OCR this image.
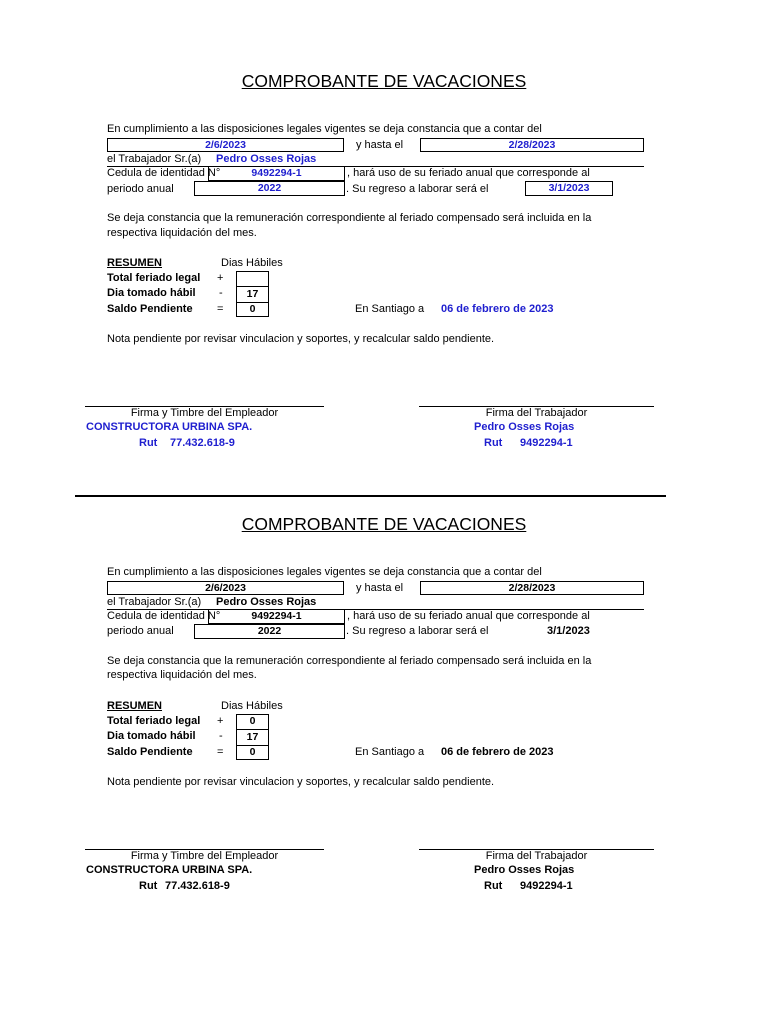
COMPROBANTE DE VACACIONES
En cumplimiento a las disposiciones legales vigentes se deja constancia que a contar del
2/6/2023	y hasta el	2/28/2023
el Trabajador Sr.(a) Pedro Osses Rojas
Cedula de identidad N°	9492294-1	, hará uso de su feriado anual que corresponde al
periodo anual	2022	. Su regreso a laborar será el	3/1/2023
Se deja constancia que la remuneración correspondiente al feriado compensado será incluida en la
respectiva liquidación del mes.
RESUMEN	Dias Hábiles
Total feriado legal +
Dia tomado hábil -	17
Saldo Pendiente =	0	En Santiago a 06 de febrero de 2023
Nota pendiente por revisar vinculacion y soportes, y recalcular saldo pendiente.
Firma y Timbre del Empleador
CONSTRUCTORA URBINA SPA.
Rut 77.432.618-9
Firma del Trabajador
Pedro Osses Rojas
Rut 9492294-1
COMPROBANTE DE VACACIONES
En cumplimiento a las disposiciones legales vigentes se deja constancia que a contar del
2/6/2023	y hasta el	2/28/2023
el Trabajador Sr.(a) Pedro Osses Rojas
Cedula de identidad N°	9492294-1	, hará uso de su feriado anual que corresponde al
periodo anual	2022	. Su regreso a laborar será el	3/1/2023
Se deja constancia que la remuneración correspondiente al feriado compensado será incluida en la
respectiva liquidación del mes.
RESUMEN	Dias Hábiles
Total feriado legal +	0
Dia tomado hábil -	17
Saldo Pendiente =	0	En Santiago a 06 de febrero de 2023
Nota pendiente por revisar vinculacion y soportes, y recalcular saldo pendiente.
Firma y Timbre del Empleador
CONSTRUCTORA URBINA SPA.
Rut 77.432.618-9
Firma del Trabajador
Pedro Osses Rojas
Rut 9492294-1
